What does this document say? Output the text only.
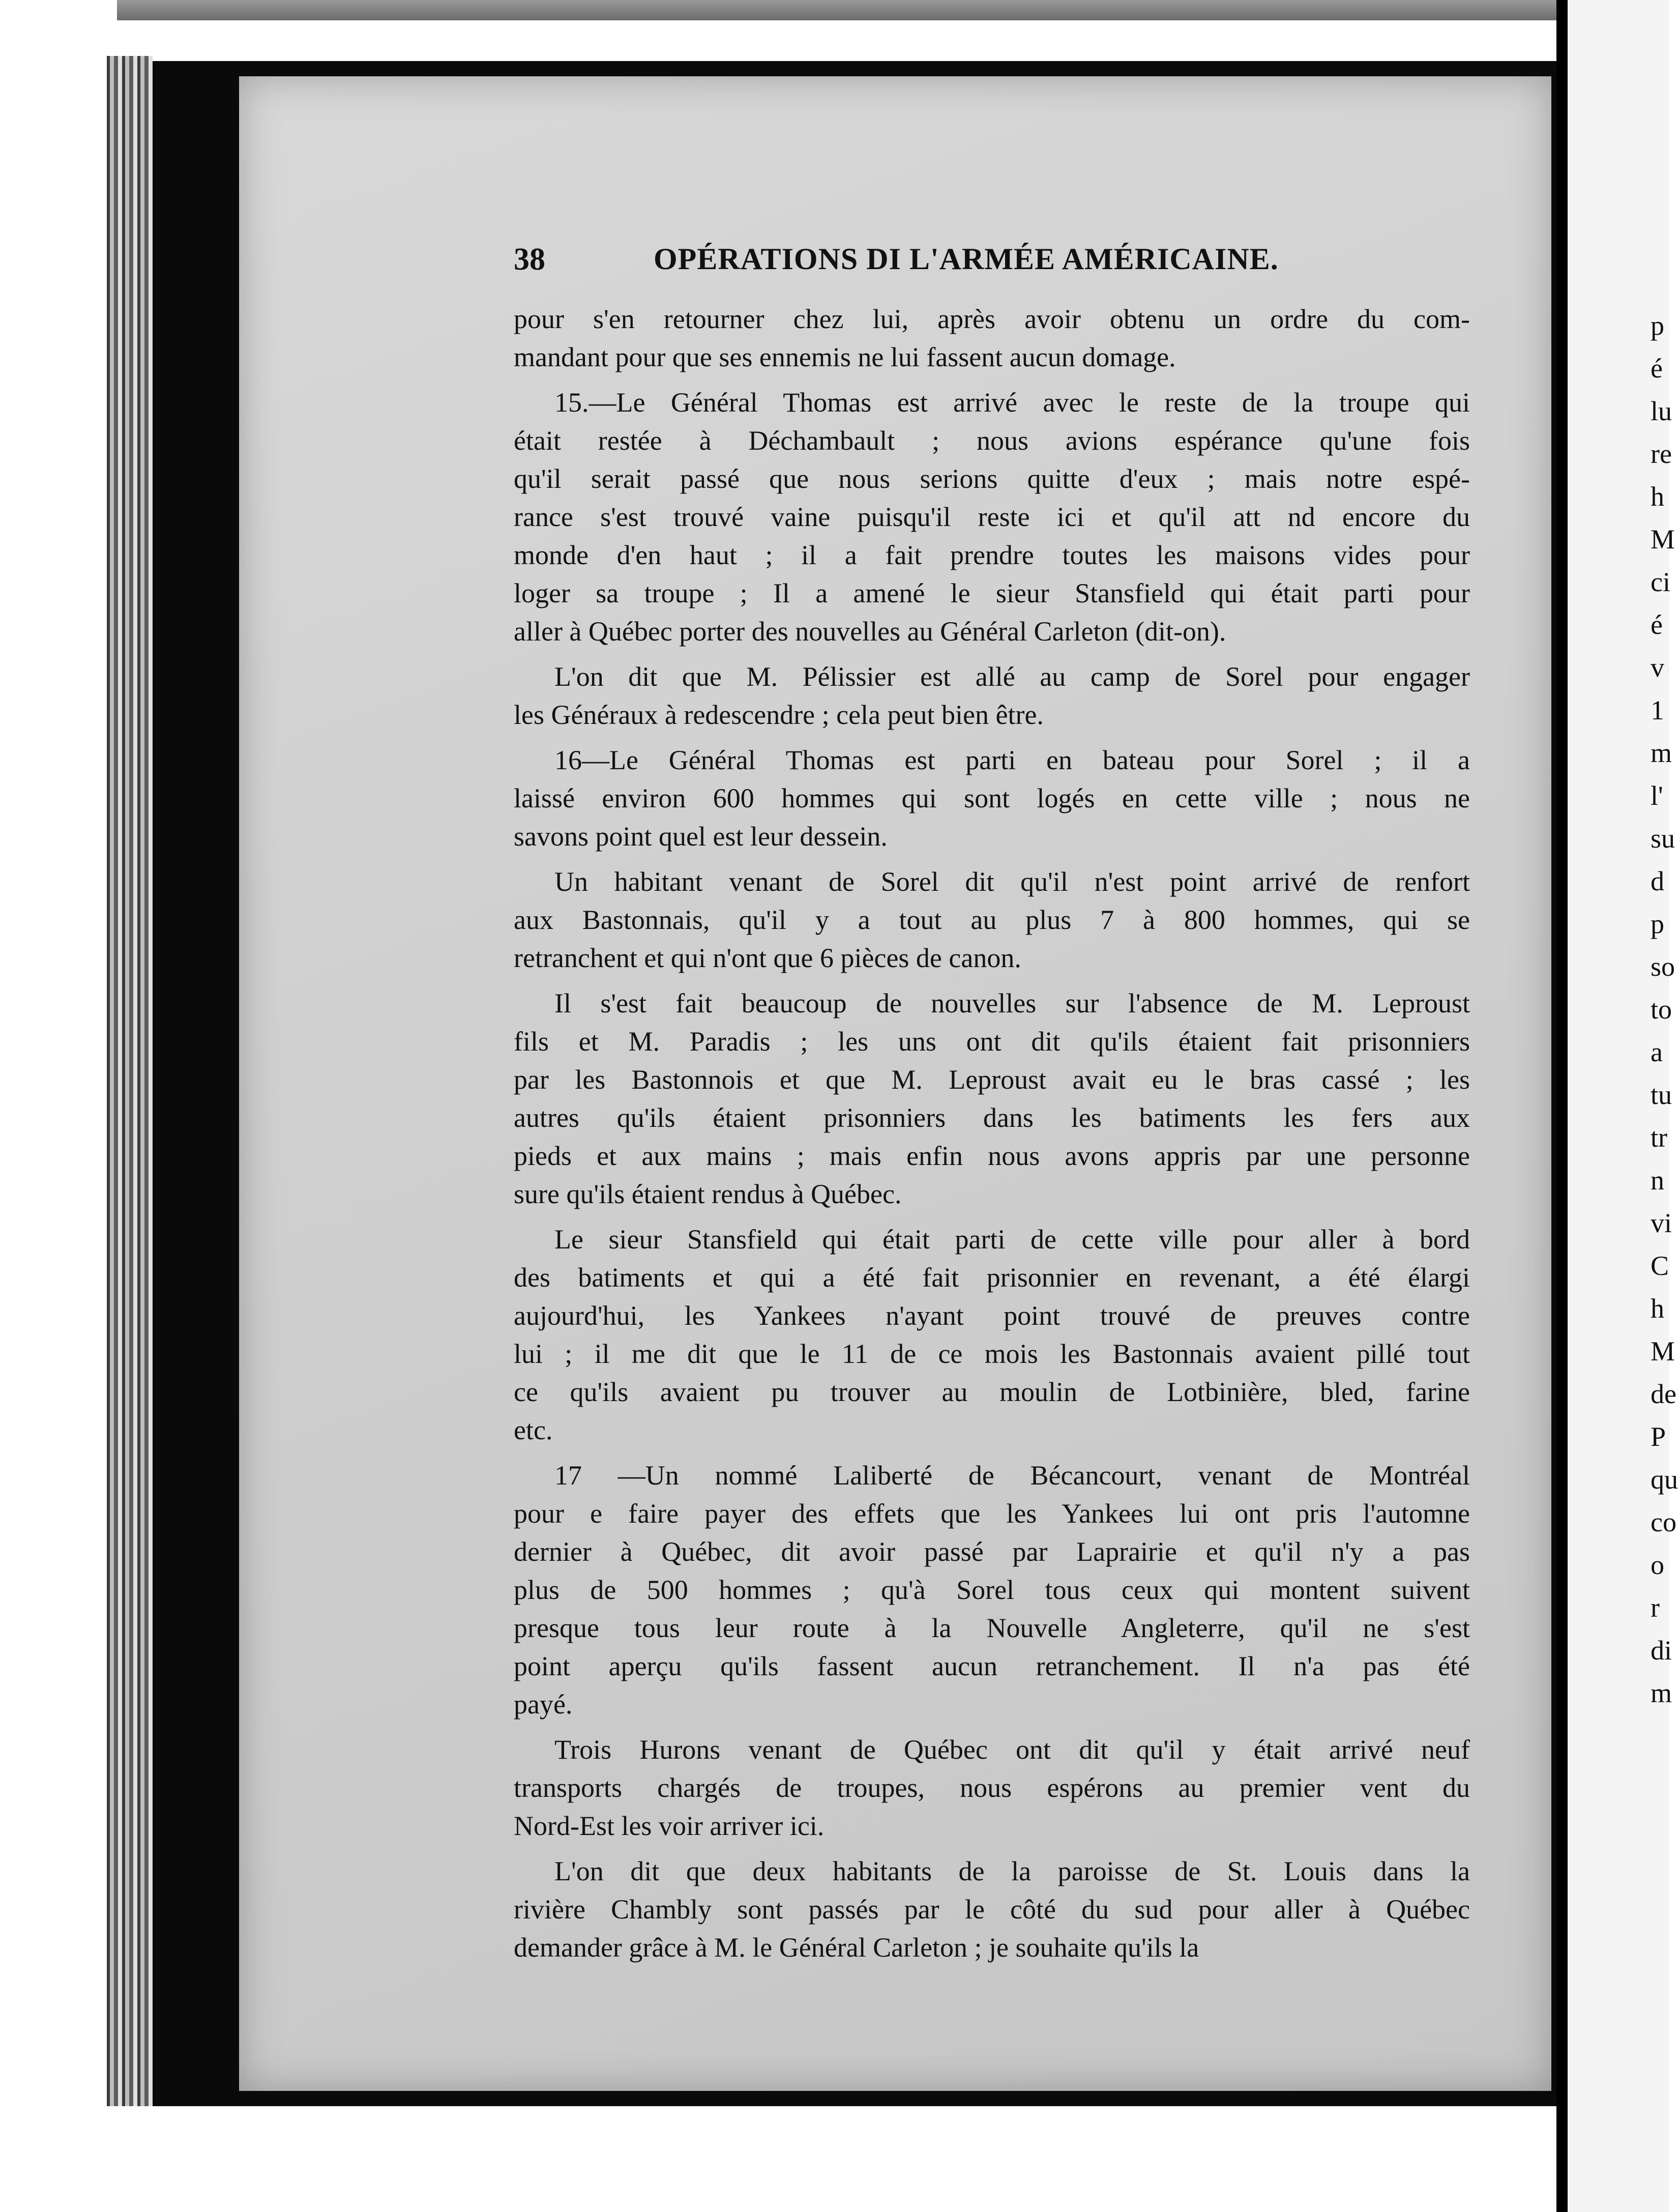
38	OPÉRATIONS DI L'ARMÉE AMÉRICAINE.
pour s'en retourner chez lui, après avoir obtenu un ordre du com-
mandant pour que ses ennemis ne lui fassent aucun domage.
15.—Le Général Thomas est arrivé avec le reste de la troupe qui
était restée à Déchambault ; nous avions espérance qu'une fois
qu'il serait passé que nous serions quitte d'eux ; mais notre espé-
rance s'est trouvé vaine puisqu'il reste ici et qu'il att nd encore du
monde d'en haut ; il a fait prendre toutes les maisons vides pour
loger sa troupe ; Il a amené le sieur Stansfield qui était parti pour
aller à Québec porter des nouvelles au Général Carleton (dit-on).
L'on dit que M. Pélissier est allé au camp de Sorel pour engager
les Généraux à redescendre ; cela peut bien être.
16—Le Général Thomas est parti en bateau pour Sorel ; il a
laissé environ 600 hommes qui sont logés en cette ville ; nous ne
savons point quel est leur dessein.
Un habitant venant de Sorel dit qu'il n'est point arrivé de renfort
aux Bastonnais, qu'il y a tout au plus 7 à 800 hommes, qui se
retranchent et qui n'ont que 6 pièces de canon.
Il s'est fait beaucoup de nouvelles sur l'absence de M. Leproust
fils et M. Paradis ; les uns ont dit qu'ils étaient fait prisonniers
par les Bastonnois et que M. Leproust avait eu le bras cassé ; les
autres qu'ils étaient prisonniers dans les batiments les fers aux
pieds et aux mains ; mais enfin nous avons appris par une personne
sure qu'ils étaient rendus à Québec.
Le sieur Stansfield qui était parti de cette ville pour aller à bord
des batiments et qui a été fait prisonnier en revenant, a été élargi
aujourd'hui, les Yankees n'ayant point trouvé de preuves contre
lui ; il me dit que le 11 de ce mois les Bastonnais avaient pillé tout
ce qu'ils avaient pu trouver au moulin de Lotbinière, bled, farine
etc.
17 —Un nommé Laliberté de Bécancourt, venant de Montréal
pour e faire payer des effets que les Yankees lui ont pris l'automne
dernier à Québec, dit avoir passé par Laprairie et qu'il n'y a pas
plus de 500 hommes ; qu'à Sorel tous ceux qui montent suivent
presque tous leur route à la Nouvelle Angleterre, qu'il ne s'est
point aperçu qu'ils fassent aucun retranchement. Il n'a pas été
payé.
Trois Hurons venant de Québec ont dit qu'il y était arrivé neuf
transports chargés de troupes, nous espérons au premier vent du
Nord-Est les voir arriver ici.
L'on dit que deux habitants de la paroisse de St. Louis dans la
rivière Chambly sont passés par le côté du sud pour aller à Québec
demander grâce à M. le Général Carleton ; je souhaite qu'ils la
p
é
lu
re
h
M
ci
é
v
1
m
l'
su
d
p
so
to
a
tu
tr
n
vi
C
h
M
de
P
qu
co
o
r
di
m
